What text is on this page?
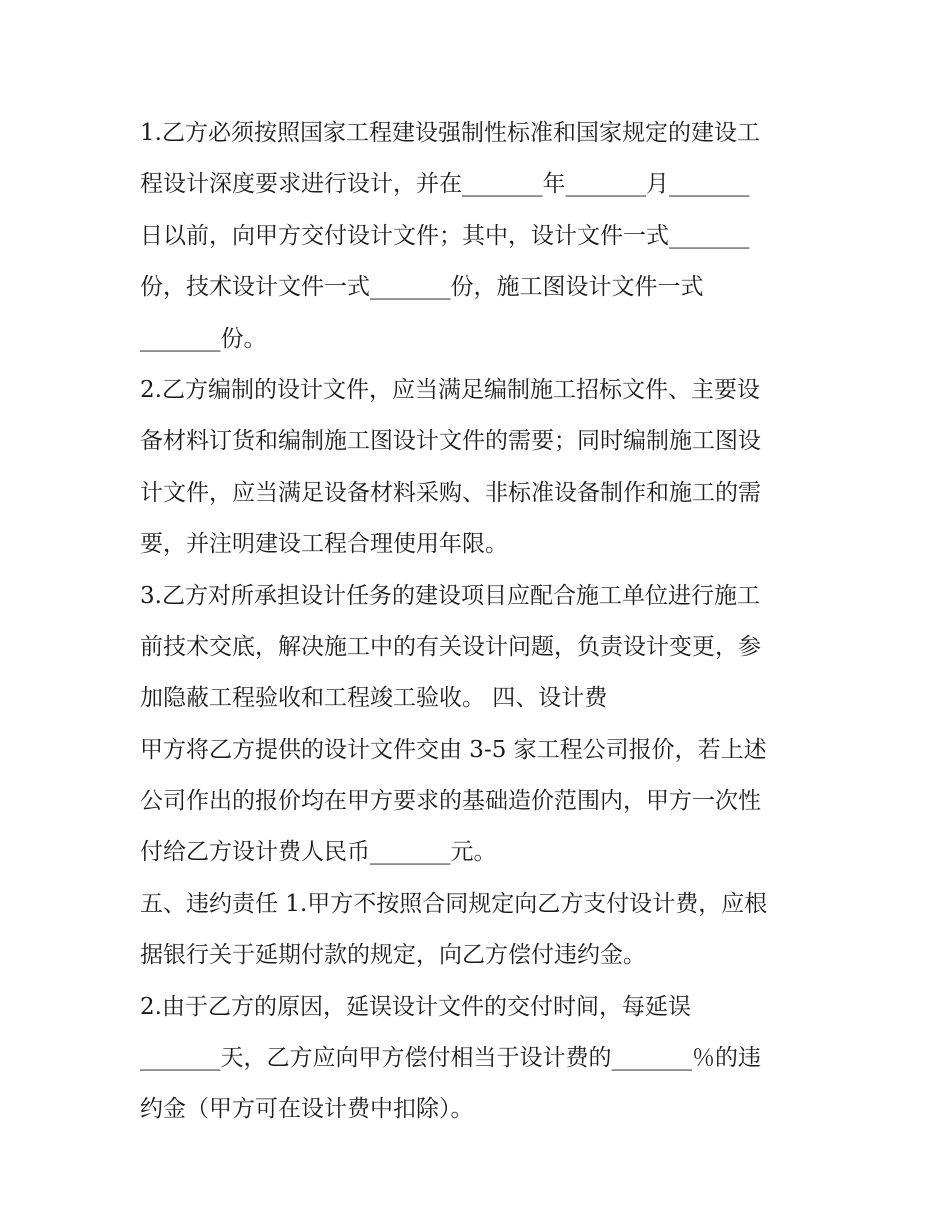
1.乙方必须按照国家工程建设强制性标准和国家规定的建设工
程设计深度要求进行设计，并在_______年_______月_______
日以前，向甲方交付设计文件；其中，设计文件一式_______
份，技术设计文件一式_______份，施工图设计文件一式
_______份。
2.乙方编制的设计文件，应当满足编制施工招标文件、主要设
备材料订货和编制施工图设计文件的需要；同时编制施工图设
计文件，应当满足设备材料采购、非标准设备制作和施工的需
要，并注明建设工程合理使用年限。
3.乙方对所承担设计任务的建设项目应配合施工单位进行施工
前技术交底，解决施工中的有关设计问题，负责设计变更，参
加隐蔽工程验收和工程竣工验收。 四、设计费
甲方将乙方提供的设计文件交由 3-5 家工程公司报价，若上述
公司作出的报价均在甲方要求的基础造价范围内，甲方一次性
付给乙方设计费人民币_______元。
五、违约责任 1.甲方不按照合同规定向乙方支付设计费，应根
据银行关于延期付款的规定，向乙方偿付违约金。
2.由于乙方的原因，延误设计文件的交付时间，每延误
_______天，乙方应向甲方偿付相当于设计费的_______％的违
约金（甲方可在设计费中扣除）。
